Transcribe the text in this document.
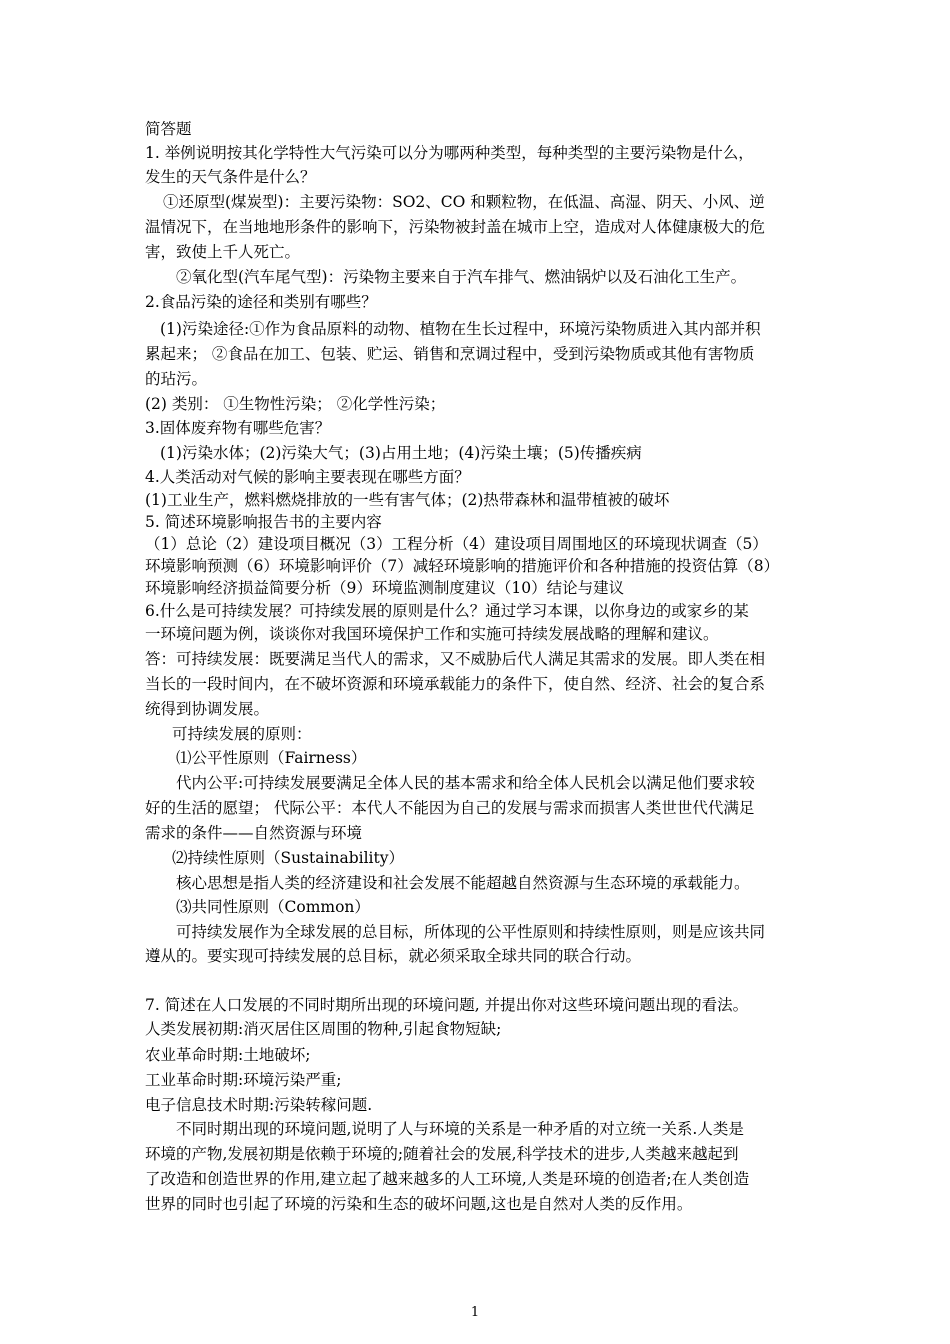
简答题
1. 举例说明按其化学特性大气污染可以分为哪两种类型，每种类型的主要污染物是什么，
发生的天气条件是什么？
①还原型(煤炭型)：主要污染物：SO2、CO 和颗粒物，在低温、高湿、阴天、小风、逆
温情况下，在当地地形条件的影响下，污染物被封盖在城市上空，造成对人体健康极大的危
害，致使上千人死亡。
②氧化型(汽车尾气型)：污染物主要来自于汽车排气、燃油锅炉以及石油化工生产。
2.食品污染的途径和类别有哪些？
(1)污染途径:①作为食品原料的动物、植物在生长过程中，环境污染物质进入其内部并积
累起来； ②食品在加工、包装、贮运、销售和烹调过程中，受到污染物质或其他有害物质
的玷污。
(2) 类别： ①生物性污染； ②化学性污染；
3.固体废弃物有哪些危害？
(1)污染水体；(2)污染大气；(3)占用土地；(4)污染土壤；(5)传播疾病
4.人类活动对气候的影响主要表现在哪些方面？
(1)工业生产，燃料燃烧排放的一些有害气体；(2)热带森林和温带植被的破坏
5. 简述环境影响报告书的主要内容
（1）总论（2）建设项目概况（3）工程分析（4）建设项目周围地区的环境现状调查（5）
环境影响预测（6）环境影响评价（7）减轻环境影响的措施评价和各种措施的投资估算（8）
环境影响经济损益简要分析（9）环境监测制度建议（10）结论与建议
6.什么是可持续发展？可持续发展的原则是什么？通过学习本课，以你身边的或家乡的某
一环境问题为例，谈谈你对我国环境保护工作和实施可持续发展战略的理解和建议。
答：可持续发展：既要满足当代人的需求，又不威胁后代人满足其需求的发展。即人类在相
当长的一段时间内，在不破坏资源和环境承载能力的条件下，使自然、经济、社会的复合系
统得到协调发展。
可持续发展的原则：
⑴公平性原则（Fairness）
代内公平:可持续发展要满足全体人民的基本需求和给全体人民机会以满足他们要求较
好的生活的愿望； 代际公平：本代人不能因为自己的发展与需求而损害人类世世代代满足
需求的条件——自然资源与环境
⑵持续性原则（Sustainability）
核心思想是指人类的经济建设和社会发展不能超越自然资源与生态环境的承载能力。
⑶共同性原则（Common）
可持续发展作为全球发展的总目标，所体现的公平性原则和持续性原则，则是应该共同
遵从的。要实现可持续发展的总目标，就必须采取全球共同的联合行动。
7. 简述在人口发展的不同时期所出现的环境问题, 并提出你对这些环境问题出现的看法。
人类发展初期:消灭居住区周围的物种,引起食物短缺;
农业革命时期:土地破坏;
工业革命时期:环境污染严重;
电子信息技术时期:污染转稼问题.
不同时期出现的环境问题,说明了人与环境的关系是一种矛盾的对立统一关系.人类是
环境的产物,发展初期是依赖于环境的;随着社会的发展,科学技术的进步,人类越来越起到
了改造和创造世界的作用,建立起了越来越多的人工环境,人类是环境的创造者;在人类创造
世界的同时也引起了环境的污染和生态的破坏问题,这也是自然对人类的反作用。
1
